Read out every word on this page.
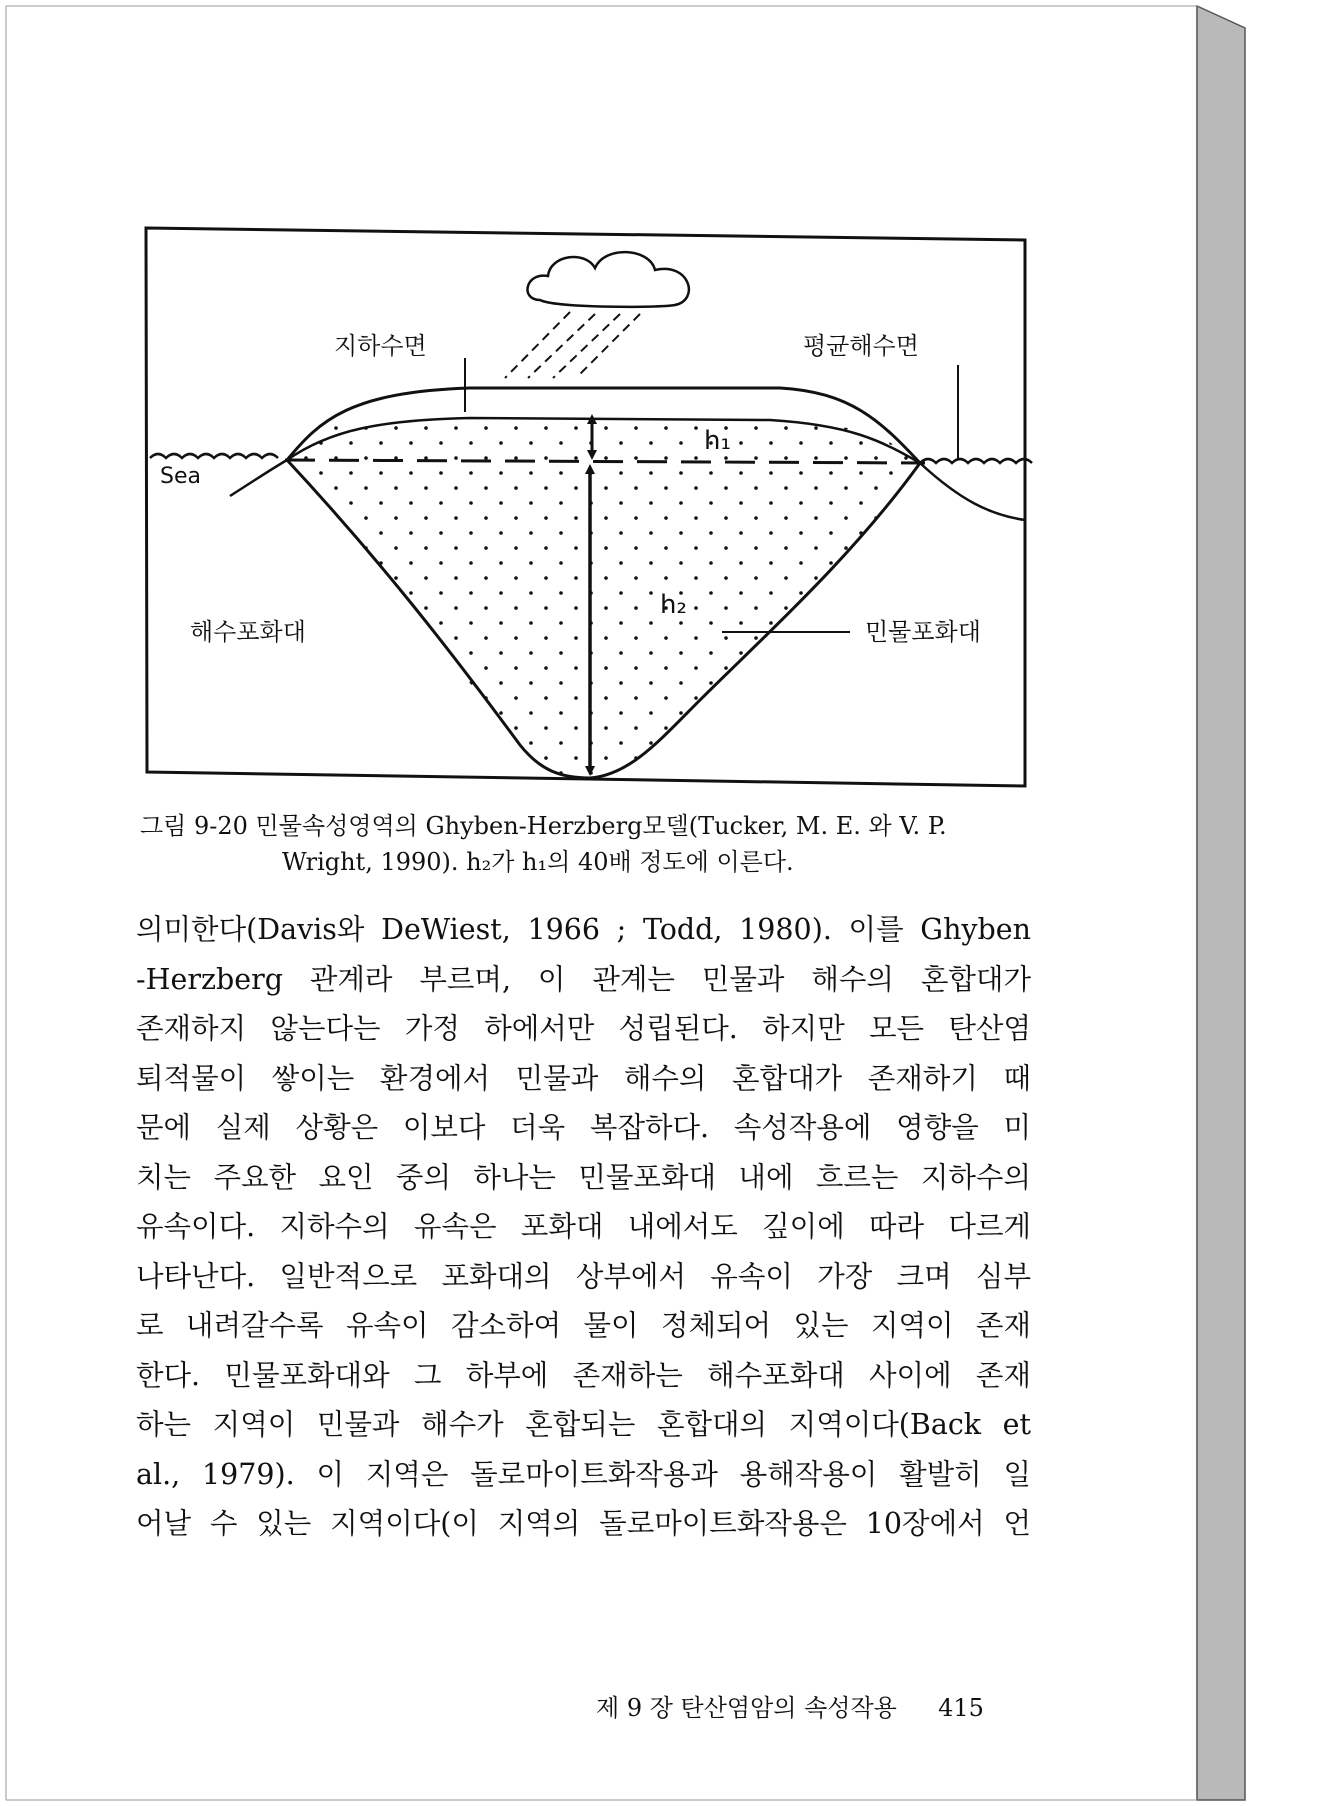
지하수면	평균해수면
Sea
h₁
h₂
해수포화대	민물포화대
그림 9-20 민물속성영역의 Ghyben-Herzberg모델(Tucker, M. E. 와 V. P.
Wright, 1990). h₂가 h₁의 40배 정도에 이른다.
의미한다(Davis와 DeWiest, 1966 ; Todd, 1980). 이를 Ghyben
-Herzberg 관계라 부르며, 이 관계는 민물과 해수의 혼합대가
존재하지 않는다는 가정 하에서만 성립된다. 하지만 모든 탄산염
퇴적물이 쌓이는 환경에서 민물과 해수의 혼합대가 존재하기 때
문에 실제 상황은 이보다 더욱 복잡하다. 속성작용에 영향을 미
치는 주요한 요인 중의 하나는 민물포화대 내에 흐르는 지하수의
유속이다. 지하수의 유속은 포화대 내에서도 깊이에 따라 다르게
나타난다. 일반적으로 포화대의 상부에서 유속이 가장 크며 심부
로 내려갈수록 유속이 감소하여 물이 정체되어 있는 지역이 존재
한다. 민물포화대와 그 하부에 존재하는 해수포화대 사이에 존재
하는 지역이 민물과 해수가 혼합되는 혼합대의 지역이다(Back et
al., 1979). 이 지역은 돌로마이트화작용과 용해작용이 활발히 일
어날 수 있는 지역이다(이 지역의 돌로마이트화작용은 10장에서 언
제 9 장 탄산염암의 속성작용 415
